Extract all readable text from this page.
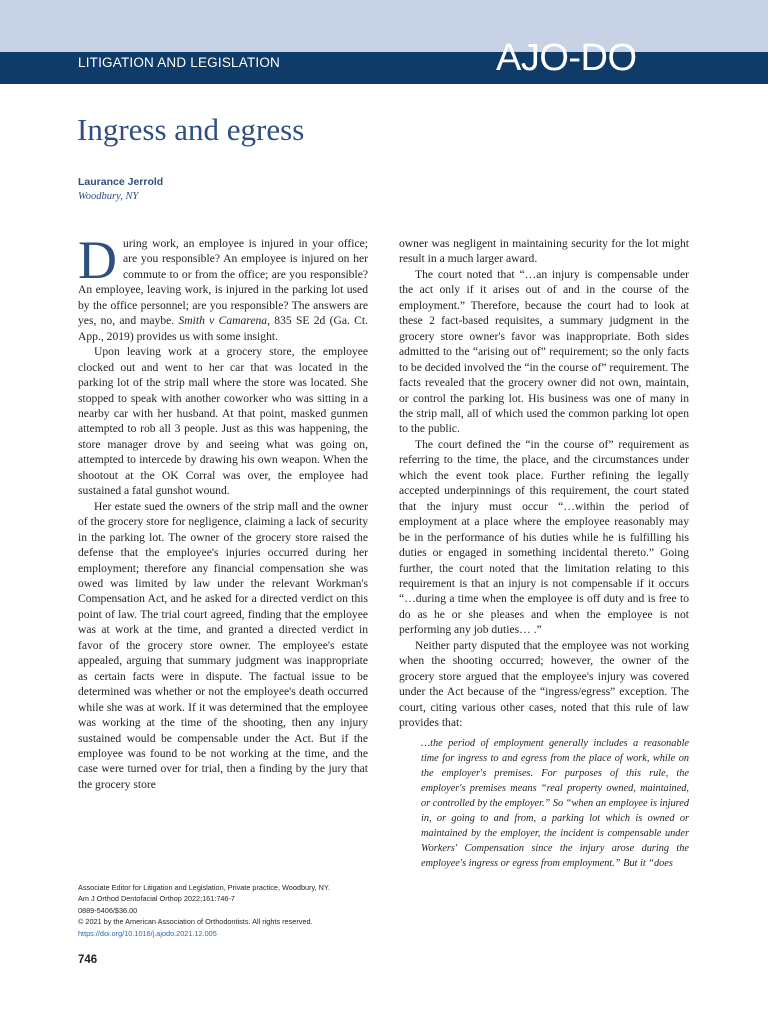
LITIGATION AND LEGISLATION	AJO-DO
Ingress and egress
Laurance Jerrold
Woodbury, NY

During work, an employee is injured in your office; are you responsible? An employee is injured on her commute to or from the office; are you responsible? An employee, leaving work, is injured in the parking lot used by the office personnel; are you responsible? The answers are yes, no, and maybe. Smith v Camarena, 835 SE 2d (Ga. Ct. App., 2019) provides us with some insight.

Upon leaving work at a grocery store, the employee clocked out and went to her car that was located in the parking lot of the strip mall where the store was located. She stopped to speak with another coworker who was sitting in a nearby car with her husband. At that point, masked gunmen attempted to rob all 3 people. Just as this was happening, the store manager drove by and seeing what was going on, attempted to intercede by drawing his own weapon. When the shootout at the OK Corral was over, the employee had sustained a fatal gunshot wound.

Her estate sued the owners of the strip mall and the owner of the grocery store for negligence, claiming a lack of security in the parking lot. The owner of the grocery store raised the defense that the employee's injuries occurred during her employment; therefore any financial compensation she was owed was limited by law under the relevant Workman's Compensation Act, and he asked for a directed verdict on this point of law. The trial court agreed, finding that the employee was at work at the time, and granted a directed verdict in favor of the grocery store owner. The employee's estate appealed, arguing that summary judgment was inappropriate as certain facts were in dispute. The factual issue to be determined was whether or not the employee's death occurred while she was at work. If it was determined that the employee was working at the time of the shooting, then any injury sustained would be compensable under the Act. But if the employee was found to be not working at the time, and the case were turned over for trial, then a finding by the jury that the grocery store

owner was negligent in maintaining security for the lot might result in a much larger award.

The court noted that “…an injury is compensable under the act only if it arises out of and in the course of the employment.” Therefore, because the court had to look at these 2 fact-based requisites, a summary judgment in the grocery store owner's favor was inappropriate. Both sides admitted to the “arising out of” requirement; so the only facts to be decided involved the “in the course of” requirement. The facts revealed that the grocery owner did not own, maintain, or control the parking lot. His business was one of many in the strip mall, all of which used the common parking lot open to the public.

The court defined the “in the course of” requirement as referring to the time, the place, and the circumstances under which the event took place. Further refining the legally accepted underpinnings of this requirement, the court stated that the injury must occur “…within the period of employment at a place where the employee reasonably may be in the performance of his duties while he is fulfilling his duties or engaged in something incidental thereto.” Going further, the court noted that the limitation relating to this requirement is that an injury is not compensable if it occurs “…during a time when the employee is off duty and is free to do as he or she pleases and when the employee is not performing any job duties… .”

Neither party disputed that the employee was not working when the shooting occurred; however, the owner of the grocery store argued that the employee's injury was covered under the Act because of the “ingress/egress” exception. The court, citing various other cases, noted that this rule of law provides that:

…the period of employment generally includes a reasonable time for ingress to and egress from the place of work, while on the employer's premises. For purposes of this rule, the employer's premises means “real property owned, maintained, or controlled by the employer.” So “when an employee is injured in, or going to and from, a parking lot which is owned or maintained by the employer, the incident is compensable under Workers' Compensation since the injury arose during the employee's ingress or egress from employment.” But it “does
Associate Editor for Litigation and Legislation, Private practice, Woodbury, NY.
Am J Orthod Dentofacial Orthop 2022;161:746-7
0889-5406/$36.00
© 2021 by the American Association of Orthodontists. All rights reserved.
https://doi.org/10.1016/j.ajodo.2021.12.005
746
